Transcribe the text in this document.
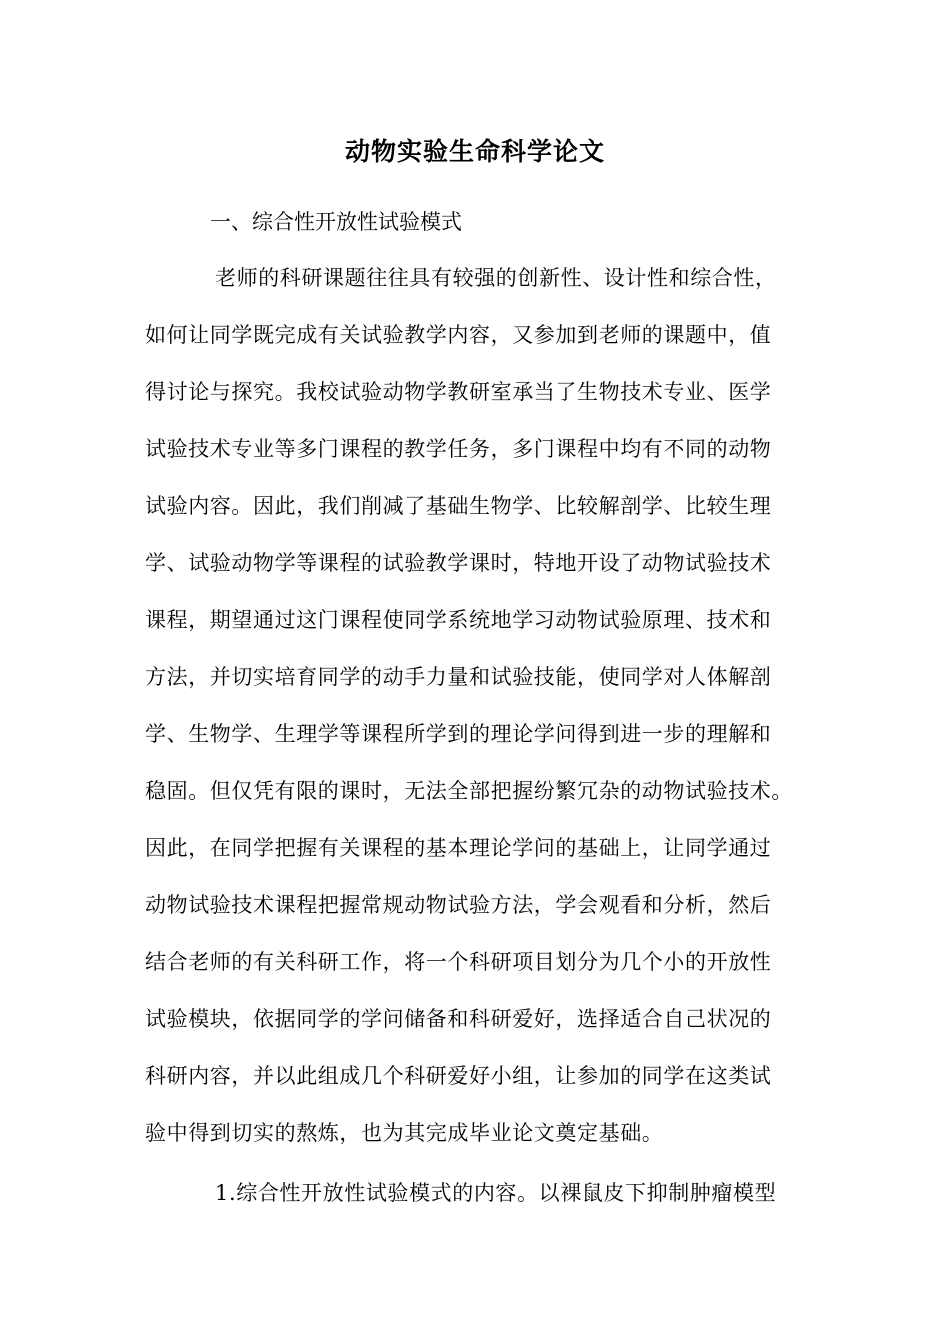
动物实验生命科学论文
一、综合性开放性试验模式
老师的科研课题往往具有较强的创新性、设计性和综合性，
如何让同学既完成有关试验教学内容，又参加到老师的课题中，值
得讨论与探究。我校试验动物学教研室承当了生物技术专业、医学
试验技术专业等多门课程的教学任务，多门课程中均有不同的动物
试验内容。因此，我们削减了基础生物学、比较解剖学、比较生理
学、试验动物学等课程的试验教学课时，特地开设了动物试验技术
课程，期望通过这门课程使同学系统地学习动物试验原理、技术和
方法，并切实培育同学的动手力量和试验技能，使同学对人体解剖
学、生物学、生理学等课程所学到的理论学问得到进一步的理解和
稳固。但仅凭有限的课时，无法全部把握纷繁冗杂的动物试验技术。
因此，在同学把握有关课程的基本理论学问的基础上，让同学通过
动物试验技术课程把握常规动物试验方法，学会观看和分析，然后
结合老师的有关科研工作，将一个科研项目划分为几个小的开放性
试验模块，依据同学的学问储备和科研爱好，选择适合自己状况的
科研内容，并以此组成几个科研爱好小组，让参加的同学在这类试
验中得到切实的熬炼，也为其完成毕业论文奠定基础。
1.综合性开放性试验模式的内容。以裸鼠皮下抑制肿瘤模型
